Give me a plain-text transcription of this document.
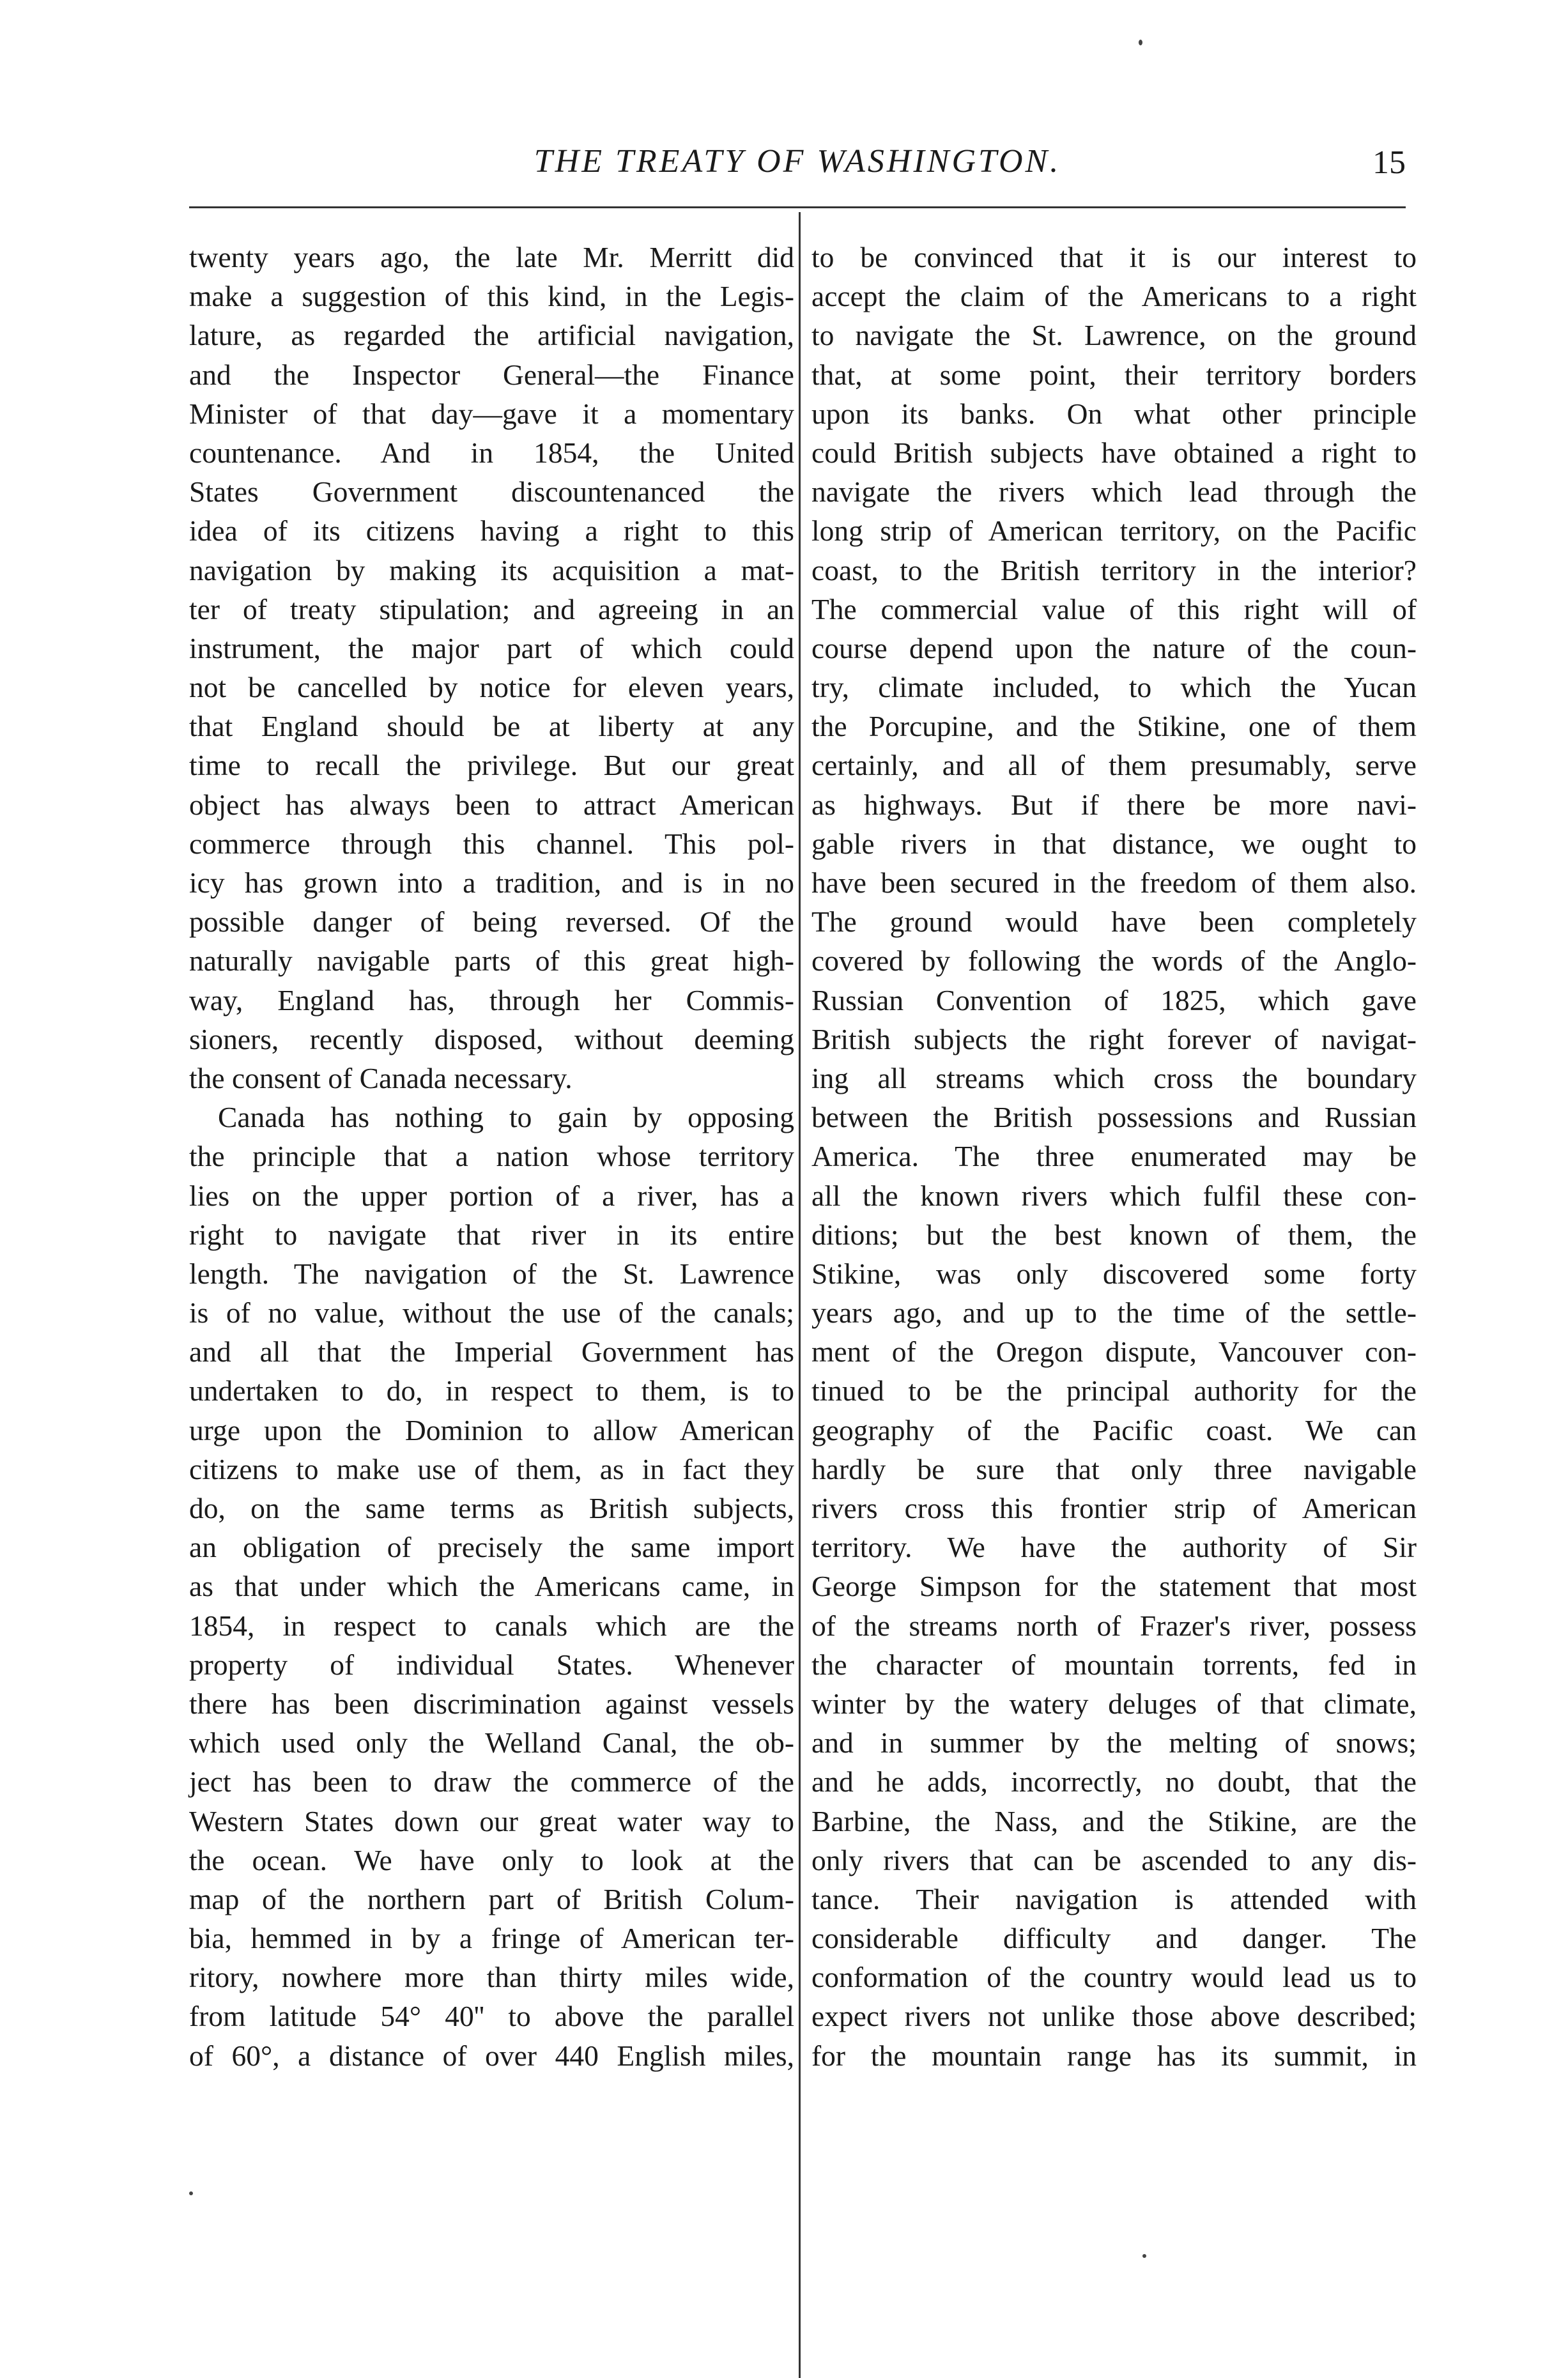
THE TREATY OF WASHINGTON.	15
twenty years ago, the late Mr. Merritt did
make a suggestion of this kind, in the Legis-
lature, as regarded the artificial navigation,
and the Inspector General—the Finance
Minister of that day—gave it a momentary
countenance. And in 1854, the United
States Government discountenanced the
idea of its citizens having a right to this
navigation by making its acquisition a mat-
ter of treaty stipulation; and agreeing in an
instrument, the major part of which could
not be cancelled by notice for eleven years,
that England should be at liberty at any
time to recall the privilege. But our great
object has always been to attract American
commerce through this channel. This pol-
icy has grown into a tradition, and is in no
possible danger of being reversed. Of the
naturally navigable parts of this great high-
way, England has, through her Commis-
sioners, recently disposed, without deeming
the consent of Canada necessary.
Canada has nothing to gain by opposing
the principle that a nation whose territory
lies on the upper portion of a river, has a
right to navigate that river in its entire
length. The navigation of the St. Lawrence
is of no value, without the use of the canals;
and all that the Imperial Government has
undertaken to do, in respect to them, is to
urge upon the Dominion to allow American
citizens to make use of them, as in fact they
do, on the same terms as British subjects,
an obligation of precisely the same import
as that under which the Americans came, in
1854, in respect to canals which are the
property of individual States. Whenever
there has been discrimination against vessels
which used only the Welland Canal, the ob-
ject has been to draw the commerce of the
Western States down our great water way to
the ocean. We have only to look at the
map of the northern part of British Colum-
bia, hemmed in by a fringe of American ter-
ritory, nowhere more than thirty miles wide,
from latitude 54° 40'' to above the parallel
of 60°, a distance of over 440 English miles,
to be convinced that it is our interest to
accept the claim of the Americans to a right
to navigate the St. Lawrence, on the ground
that, at some point, their territory borders
upon its banks. On what other principle
could British subjects have obtained a right to
navigate the rivers which lead through the
long strip of American territory, on the Pacific
coast, to the British territory in the interior?
The commercial value of this right will of
course depend upon the nature of the coun-
try, climate included, to which the Yucan
the Porcupine, and the Stikine, one of them
certainly, and all of them presumably, serve
as highways. But if there be more navi-
gable rivers in that distance, we ought to
have been secured in the freedom of them also.
The ground would have been completely
covered by following the words of the Anglo-
Russian Convention of 1825, which gave
British subjects the right forever of navigat-
ing all streams which cross the boundary
between the British possessions and Russian
America. The three enumerated may be
all the known rivers which fulfil these con-
ditions; but the best known of them, the
Stikine, was only discovered some forty
years ago, and up to the time of the settle-
ment of the Oregon dispute, Vancouver con-
tinued to be the principal authority for the
geography of the Pacific coast. We can
hardly be sure that only three navigable
rivers cross this frontier strip of American
territory. We have the authority of Sir
George Simpson for the statement that most
of the streams north of Frazer's river, possess
the character of mountain torrents, fed in
winter by the watery deluges of that climate,
and in summer by the melting of snows;
and he adds, incorrectly, no doubt, that the
Barbine, the Nass, and the Stikine, are the
only rivers that can be ascended to any dis-
tance. Their navigation is attended with
considerable difficulty and danger. The
conformation of the country would lead us to
expect rivers not unlike those above described;
for the mountain range has its summit, in
